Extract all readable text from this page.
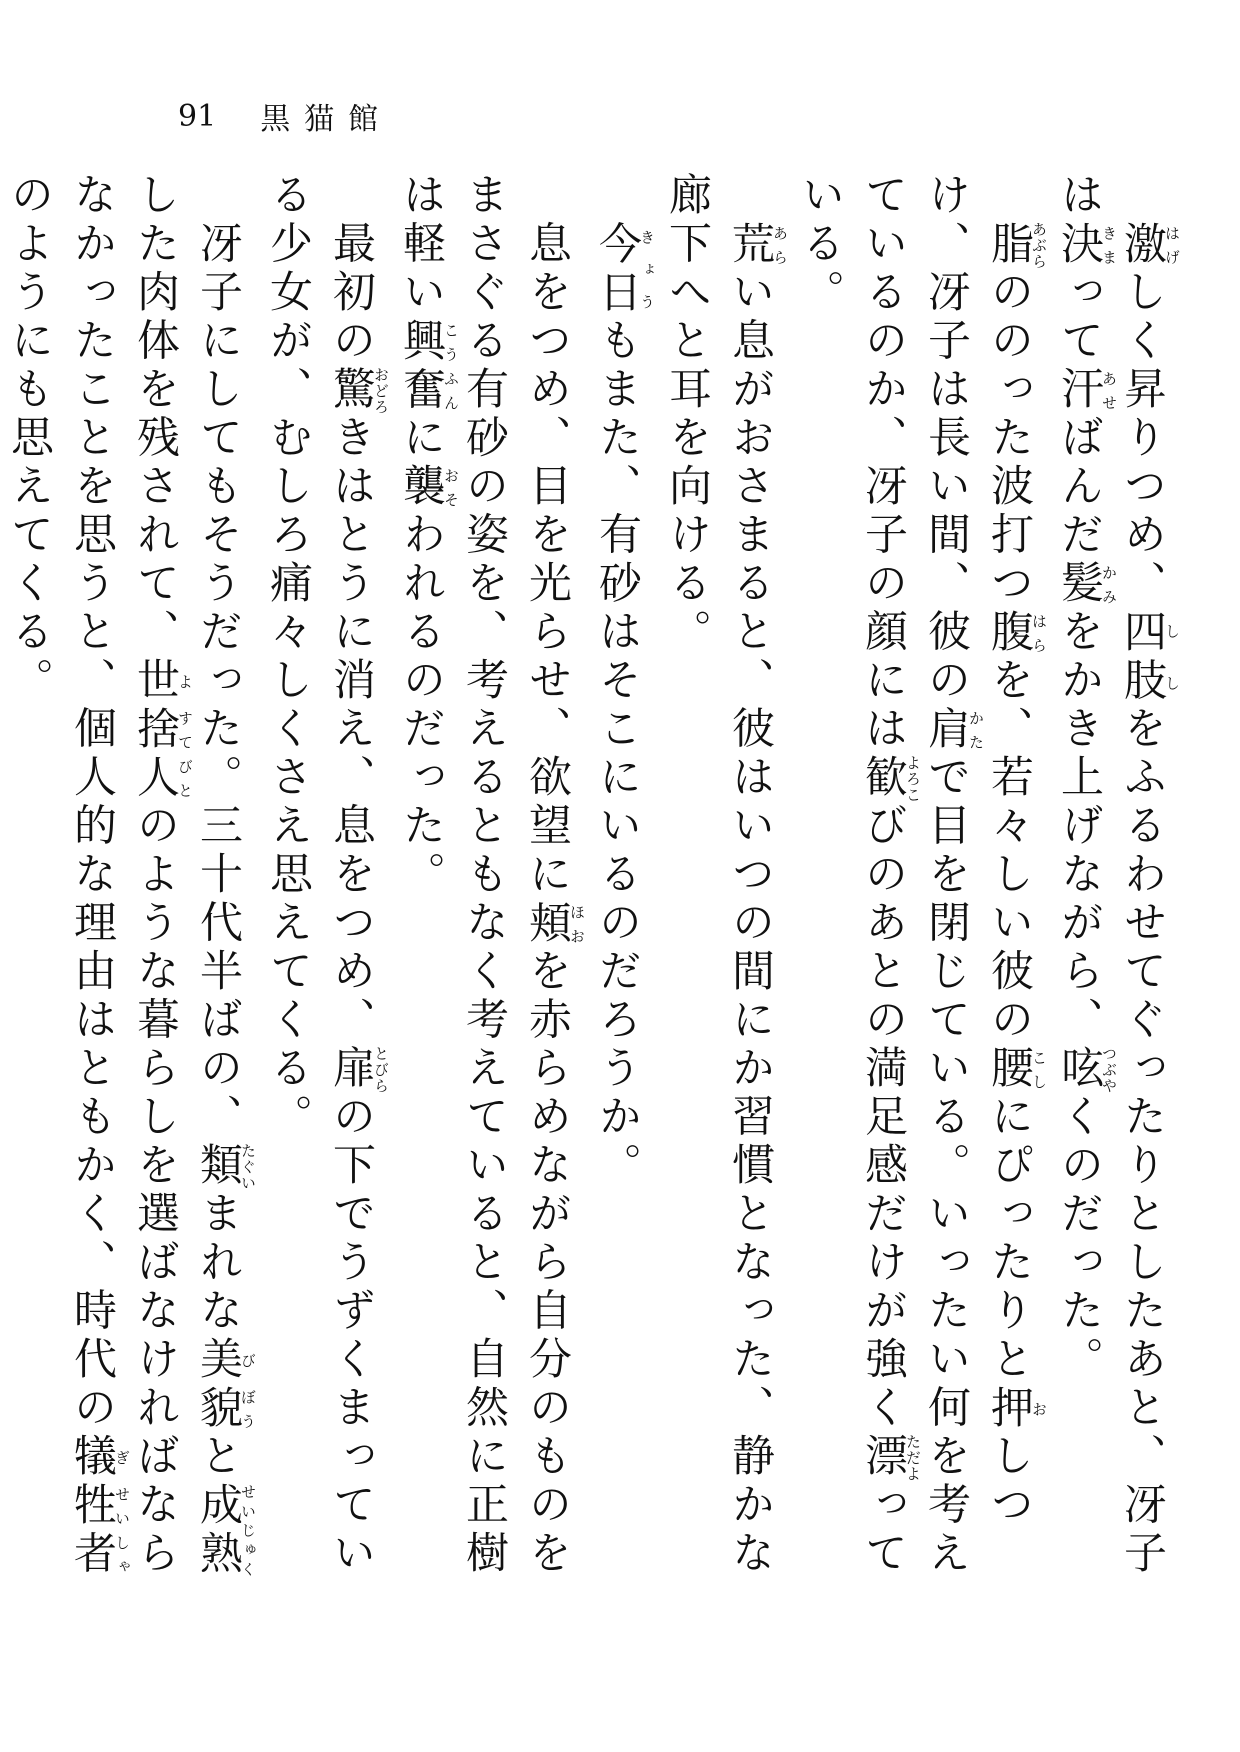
91 黒猫館

　激はげしく昇りつめ、四肢ししをふるわせてぐったりとしたあと、冴子は決きまって汗あせばんだ髪かみをかき上げながら、呟つぶやくのだった。

　脂あぶらののった波打つ腹はらを、若々しい彼の腰こしにぴったりと押おしつけ、冴子は長い間、彼の肩かたで目を閉じている。いったい何を考えているのか、冴子の顔には歓よろこびのあとの満足感だけが強く漂ただよっている。

　荒あらい息がおさまると、彼はいつの間にか習慣となった、静かな廊下へと耳を向ける。

　今日きょうもまた、有砂はそこにいるのだろうか。

　息をつめ、目を光らせ、欲望に頬ほおを赤らめながら自分のものをまさぐる有砂の姿を、考えるともなく考えていると、自然に正樹は軽い興奮こうふんに襲おそわれるのだった。

　最初の驚おどろきはとうに消え、息をつめ、扉とびらの下でうずくまっている少女が、むしろ痛々しくさえ思えてくる。

　冴子にしてもそうだった。三十代半ばの、類たぐいまれな美び貌ぼうと成熟せいじゅくした肉体を残されて、世よ捨人すてびとのような暮らしを選ばなければならなかったことを思うと、個人的な理由はともかく、時代の犠ぎ牲者せいしゃのようにも思えてくる。
